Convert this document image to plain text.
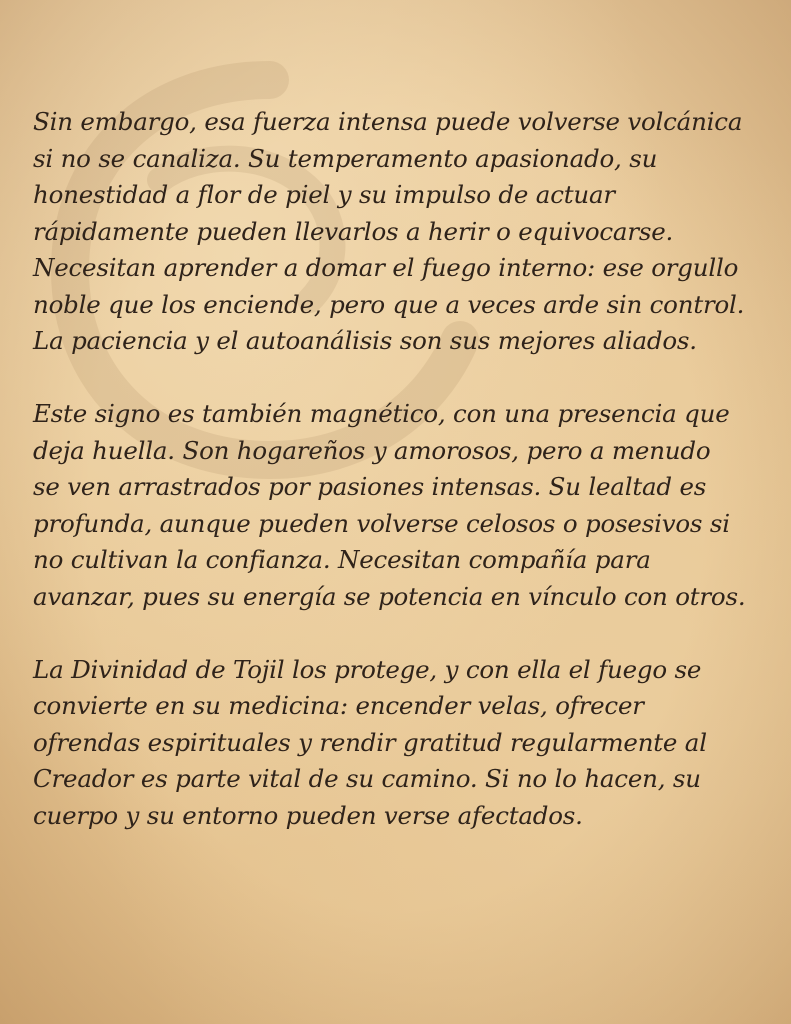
Sin embargo, esa fuerza intensa puede volverse volcánica
si no se canaliza. Su temperamento apasionado, su
honestidad a flor de piel y su impulso de actuar
rápidamente pueden llevarlos a herir o equivocarse.
Necesitan aprender a domar el fuego interno: ese orgullo
noble que los enciende, pero que a veces arde sin control.
La paciencia y el autoanálisis son sus mejores aliados.

Este signo es también magnético, con una presencia que
deja huella. Son hogareños y amorosos, pero a menudo
se ven arrastrados por pasiones intensas. Su lealtad es
profunda, aunque pueden volverse celosos o posesivos si
no cultivan la confianza. Necesitan compañía para
avanzar, pues su energía se potencia en vínculo con otros.

La Divinidad de Tojil los protege, y con ella el fuego se
convierte en su medicina: encender velas, ofrecer
ofrendas espirituales y rendir gratitud regularmente al
Creador es parte vital de su camino. Si no lo hacen, su
cuerpo y su entorno pueden verse afectados.
